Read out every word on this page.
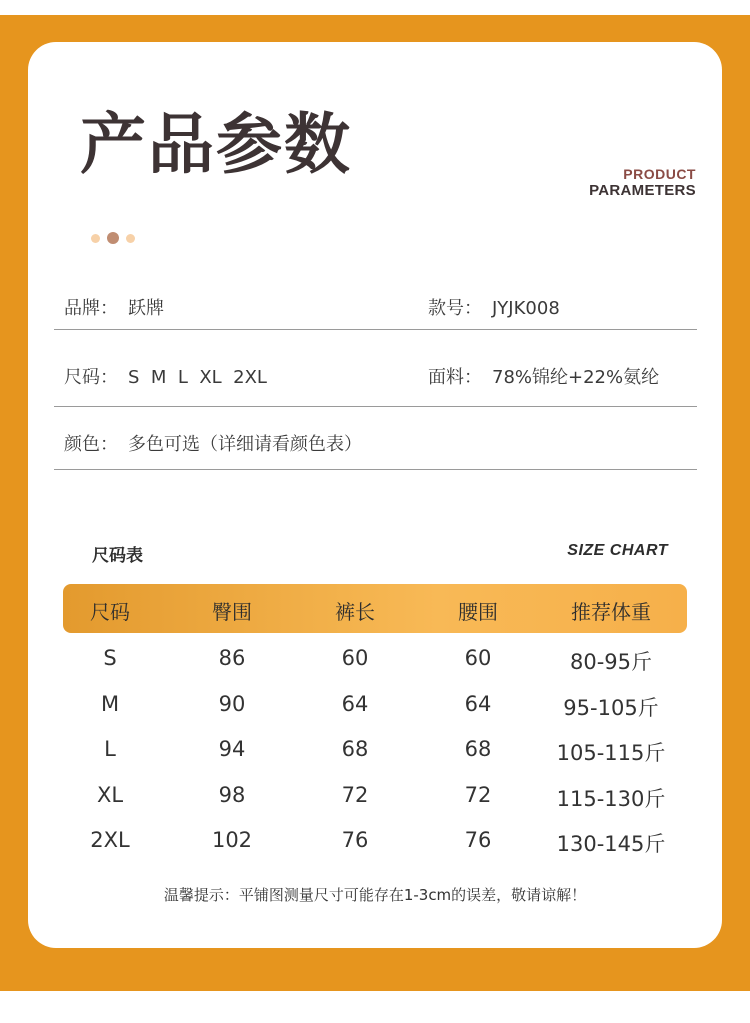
产品参数	PRODUCT
PARAMETERS
品牌： 跃牌	款号： JYJK008
尺码： S  M  L  XL  2XL	面料： 78%锦纶+22%氨纶
颜色： 多色可选（详细请看颜色表）
尺码表	SIZE CHART
尺码	臀围	裤长	腰围	推荐体重
S	86	60	60	80-95斤
M	90	64	64	95-105斤
L	94	68	68	105-115斤
XL	98	72	72	115-130斤
2XL	102	76	76	130-145斤
温馨提示：平铺图测量尺寸可能存在1-3cm的误差，敬请谅解！
